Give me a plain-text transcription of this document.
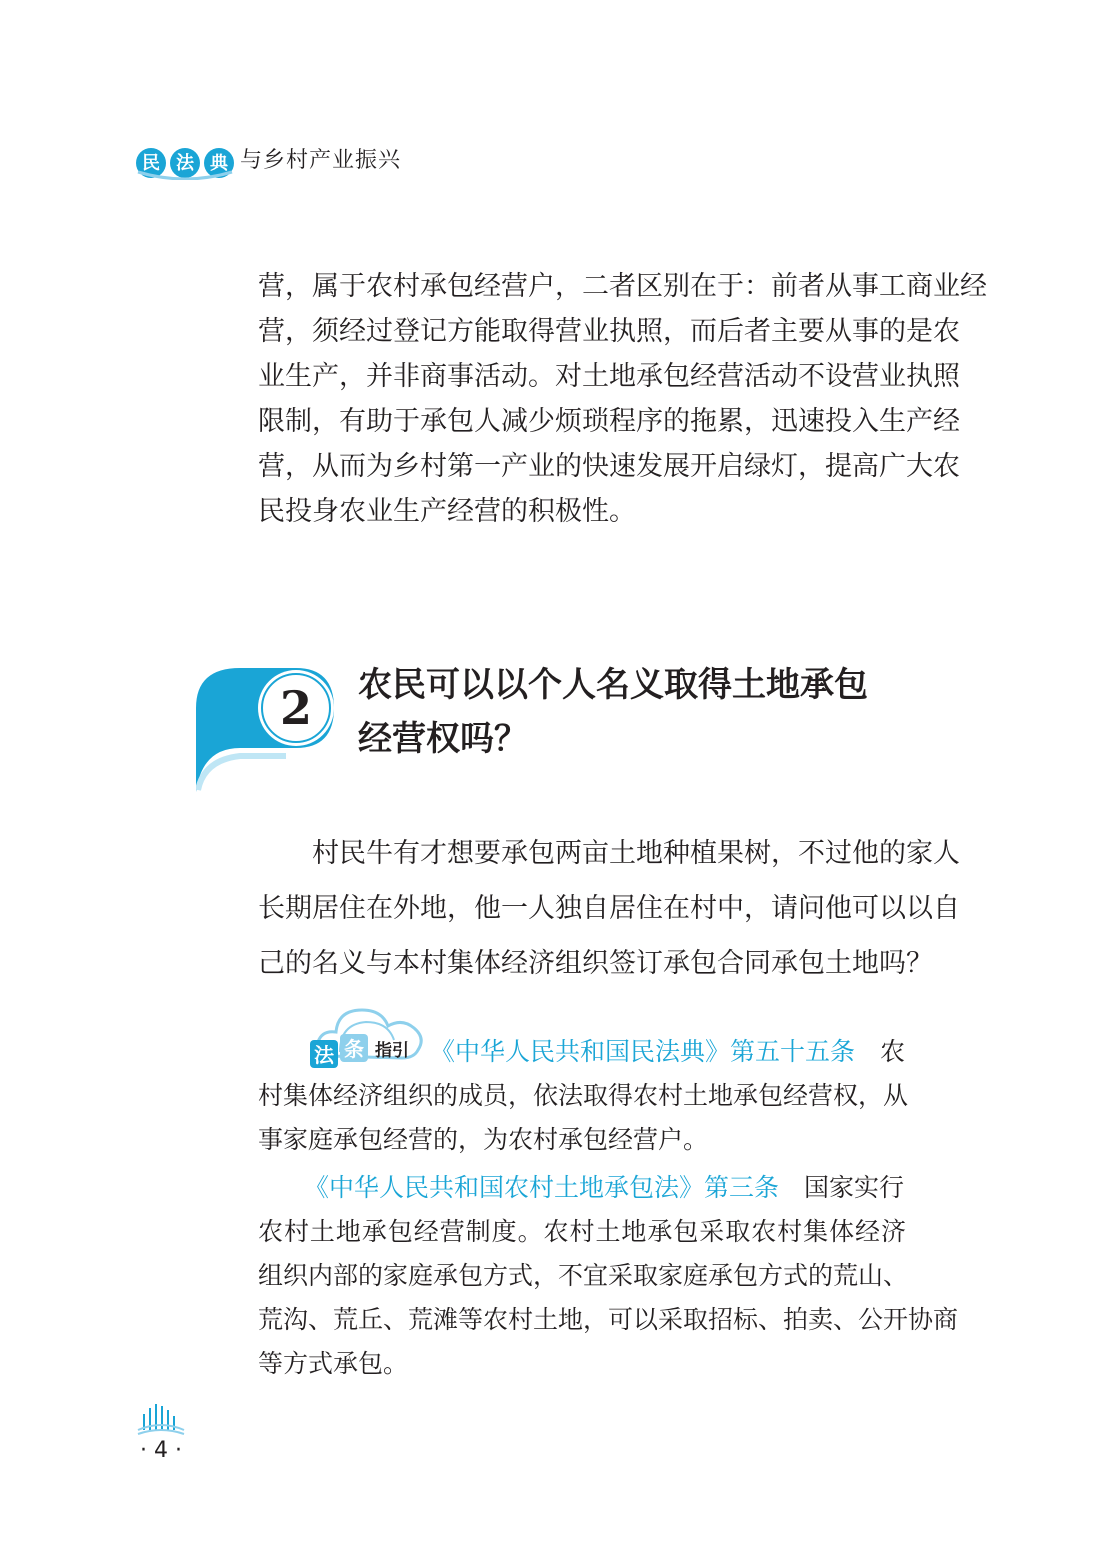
民 法 典 与乡村产业振兴
营，属于农村承包经营户，二者区别在于：前者从事工商业经
营，须经过登记方能取得营业执照，而后者主要从事的是农
业生产，并非商事活动。对土地承包经营活动不设营业执照
限制，有助于承包人减少烦琐程序的拖累，迅速投入生产经
营，从而为乡村第一产业的快速发展开启绿灯，提高广大农
民投身农业生产经营的积极性。
2 农民可以以个人名义取得土地承包
经营权吗？
　　村民牛有才想要承包两亩土地种植果树，不过他的家人
长期居住在外地，他一人独自居住在村中，请问他可以以自
己的名义与本村集体经济组织签订承包合同承包土地吗？
法 条 指引 《中华人民共和国民法典》第五十五条　农
村集体经济组织的成员，依法取得农村土地承包经营权，从
事家庭承包经营的，为农村承包经营户。
《中华人民共和国农村土地承包法》第三条　国家实行
农村土地承包经营制度。农村土地承包采取农村集体经济
组织内部的家庭承包方式，不宜采取家庭承包方式的荒山、
荒沟、荒丘、荒滩等农村土地，可以采取招标、拍卖、公开协商
等方式承包。
· 4 ·
